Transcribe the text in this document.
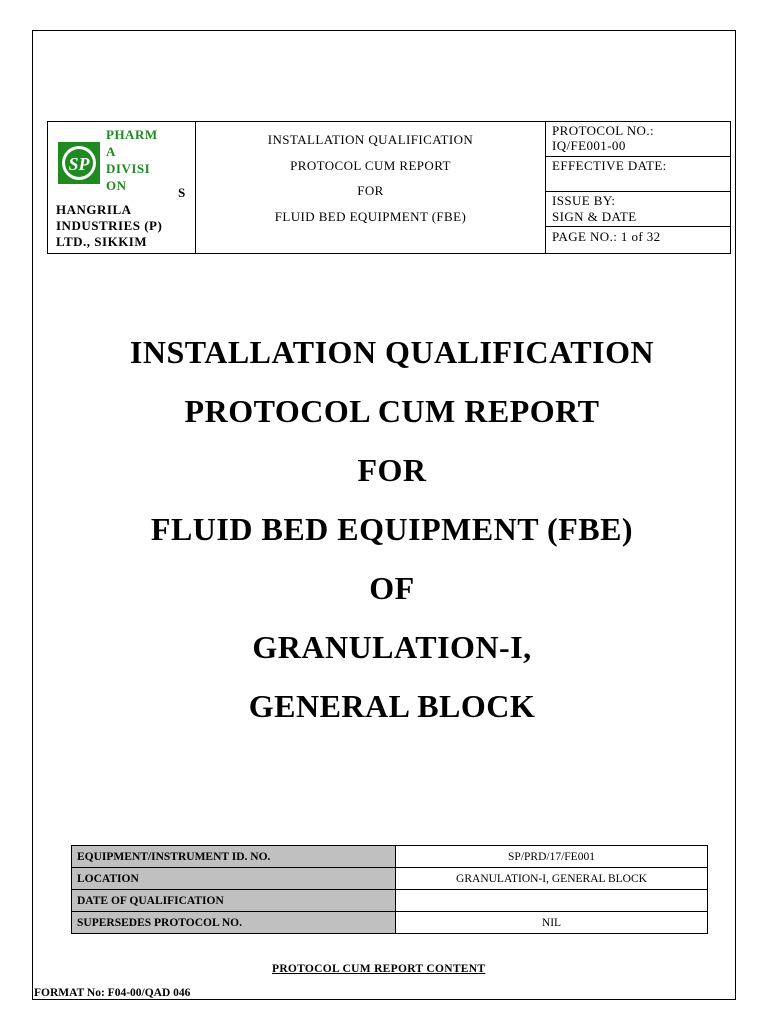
SP
PHARM
A
DIVISI
ON	S
HANGRILA
INDUSTRIES (P)
LTD., SIKKIM
INSTALLATION QUALIFICATION
PROTOCOL CUM REPORT
FOR
FLUID BED EQUIPMENT (FBE)
PROTOCOL NO.:
IQ/FE001-00
EFFECTIVE DATE:
ISSUE BY:
SIGN & DATE
PAGE NO.: 1 of 32
INSTALLATION QUALIFICATION
PROTOCOL CUM REPORT
FOR
FLUID BED EQUIPMENT (FBE)
OF
GRANULATION-I,
GENERAL BLOCK
EQUIPMENT/INSTRUMENT ID. NO.	SP/PRD/17/FE001
LOCATION	GRANULATION-I, GENERAL BLOCK
DATE OF QUALIFICATION	
SUPERSEDES PROTOCOL NO.	NIL
PROTOCOL CUM REPORT CONTENT
FORMAT No: F04-00/QAD 046
